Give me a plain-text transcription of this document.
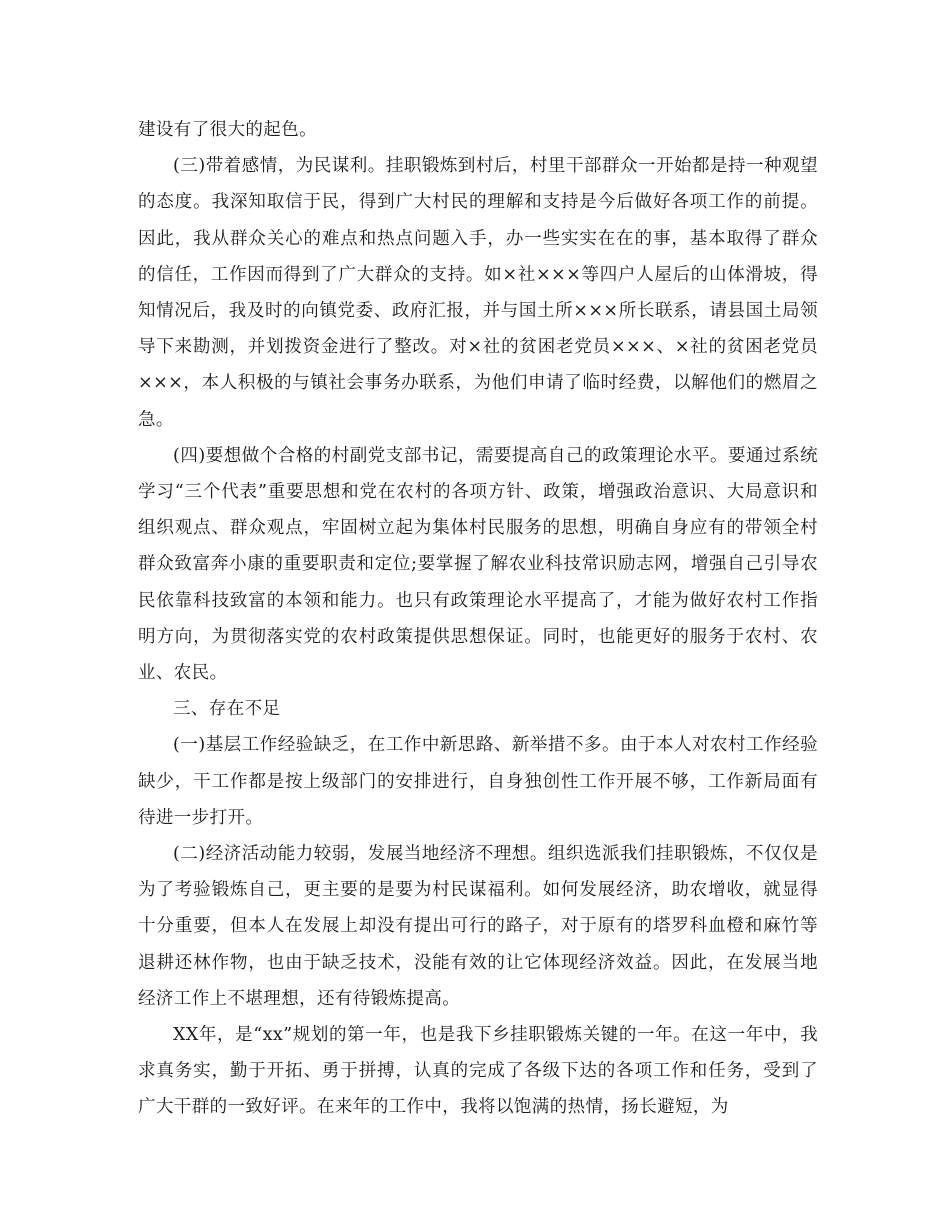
建设有了很大的起色。

(三)带着感情，为民谋利。挂职锻炼到村后，村里干部群众一开始都是持一种观望的态度。我深知取信于民，得到广大村民的理解和支持是今后做好各项工作的前提。因此，我从群众关心的难点和热点问题入手，办一些实实在在的事，基本取得了群众的信任，工作因而得到了广大群众的支持。如×社×××等四户人屋后的山体滑坡，得知情况后，我及时的向镇党委、政府汇报，并与国土所×××所长联系，请县国土局领导下来勘测，并划拨资金进行了整改。对×社的贫困老党员×××、×社的贫困老党员×××，本人积极的与镇社会事务办联系，为他们申请了临时经费，以解他们的燃眉之急。

(四)要想做个合格的村副党支部书记，需要提高自己的政策理论水平。要通过系统学习“三个代表”重要思想和党在农村的各项方针、政策，增强政治意识、大局意识和组织观点、群众观点，牢固树立起为集体村民服务的思想，明确自身应有的带领全村群众致富奔小康的重要职责和定位;要掌握了解农业科技常识励志网，增强自己引导农民依靠科技致富的本领和能力。也只有政策理论水平提高了，才能为做好农村工作指明方向，为贯彻落实党的农村政策提供思想保证。同时，也能更好的服务于农村、农业、农民。

三、存在不足

(一)基层工作经验缺乏，在工作中新思路、新举措不多。由于本人对农村工作经验缺少，干工作都是按上级部门的安排进行，自身独创性工作开展不够，工作新局面有待进一步打开。

(二)经济活动能力较弱，发展当地经济不理想。组织选派我们挂职锻炼，不仅仅是为了考验锻炼自己，更主要的是要为村民谋福利。如何发展经济，助农增收，就显得十分重要，但本人在发展上却没有提出可行的路子，对于原有的塔罗科血橙和麻竹等退耕还林作物，也由于缺乏技术，没能有效的让它体现经济效益。因此，在发展当地经济工作上不堪理想，还有待锻炼提高。

XX年，是“xx”规划的第一年，也是我下乡挂职锻炼关键的一年。在这一年中，我求真务实，勤于开拓、勇于拼搏，认真的完成了各级下达的各项工作和任务，受到了广大干群的一致好评。在来年的工作中，我将以饱满的热情，扬长避短，为
